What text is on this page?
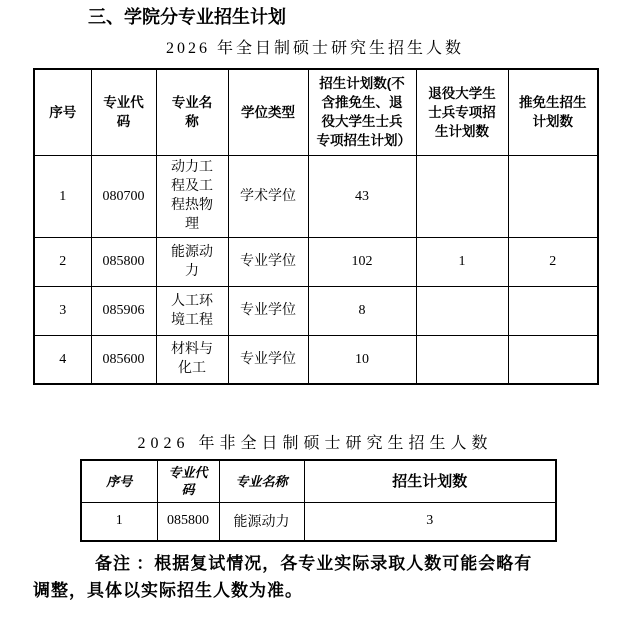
三、学院分专业招生计划
2026 年全日制硕士研究生招生人数
序号	专业代码	专业名称	学位类型	招生计划数(不含推免生、退役大学生士兵专项招生计划）	退役大学生士兵专项招生计划数	推免生招生计划数
1	080700	动力工程及工程热物理	学术学位	43		
2	085800	能源动力	专业学位	102	1	2
3	085906	人工环境工程	专业学位	8		
4	085600	材料与化工	专业学位	10		
2026 年非全日制硕士研究生招生人数
序号	专业代码	专业名称	招生计划数
1	085800	能源动力	3
备注 ：根据复试情况，各专业实际录取人数可能会略有
调整，具体以实际招生人数为准。
